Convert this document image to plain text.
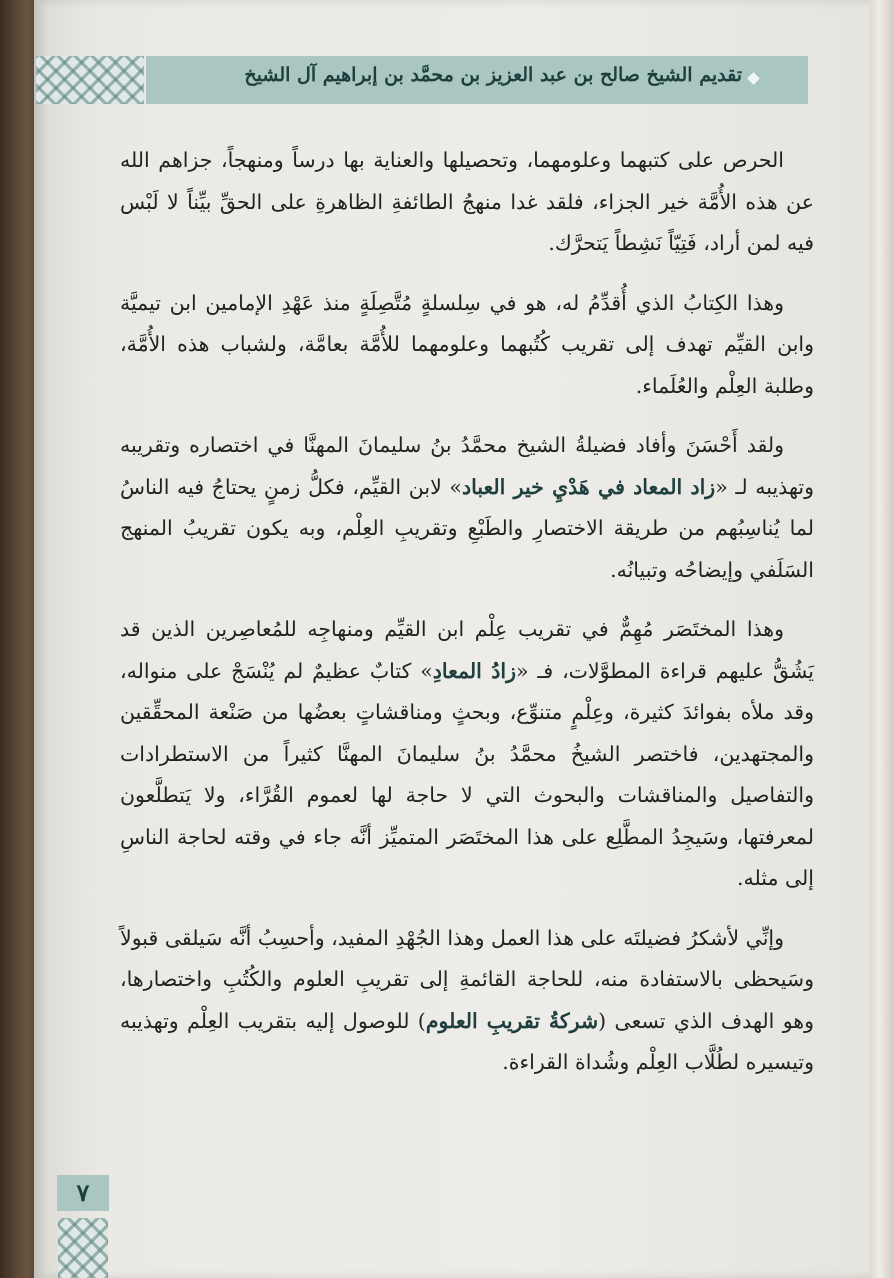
تقديم الشيخ صالح بن عبد العزيز بن محمَّد بن إبراهيم آل الشيخ

الحرص على كتبهما وعلومهما، وتحصيلها والعناية بها درساً ومنهجاً، جزاهم الله عن هذه الأُمَّة خير الجزاء، فلقد غدا منهجُ الطائفةِ الظاهرةِ على الحقِّ بيِّناً لا لَبْس فيه لمن أراد، فَتِيّاً نَشِطاً يَتحرَّك.

وهذا الكِتابُ الذي أُقدِّمُ له، هو في سِلسلةٍ مُتَّصِلَةٍ منذ عَهْدِ الإمامين ابن تيميَّة وابن القيِّم تهدف إلى تقريب كُتُبهما وعلومهما للأُمَّة بعامَّة، ولشباب هذه الأُمَّة، وطلبة العِلْم والعُلَماء.

ولقد أَحْسَنَ وأفاد فضيلةُ الشيخ محمَّدُ بنُ سليمانَ المهنَّا في اختصاره وتقريبه وتهذيبه لـ «زاد المعاد في هَدْيِ خير العباد» لابن القيِّم، فكلُّ زمنٍ يحتاجُ فيه الناسُ لما يُناسِبُهم من طريقة الاختصارِ والطَبْعِ وتقريبِ العِلْم، وبه يكون تقريبُ المنهج السَلَفي وإيضاحُه وتبيانُه.

وهذا المختَصَر مُهِمٌّ في تقريب عِلْم ابن القيِّم ومنهاجِه للمُعاصِرين الذين قد يَشُقُّ عليهم قراءة المطوَّلات، فـ «زادُ المعادِ» كتابٌ عظيمٌ لم يُنْسَجْ على منواله، وقد ملأه بفوائدَ كثيرة، وعِلْمٍ متنوِّع، وبحثٍ ومناقشاتٍ بعضُها من صَنْعة المحقِّقين والمجتهدين، فاختصر الشيخُ محمَّدُ بنُ سليمانَ المهنَّا كثيراً من الاستطرادات والتفاصيل والمناقشات والبحوث التي لا حاجة لها لعموم القُرَّاء، ولا يَتطلَّعون لمعرفتها، وسَيجِدُ المطَّلِع على هذا المختَصَر المتميِّز أنَّه جاء في وقته لحاجة الناسِ إلى مثله.

وإنِّي لأشكرُ فضيلتَه على هذا العمل وهذا الجُهْدِ المفيد، وأحسِبُ أنَّه سَيلقى قبولاً وسَيحظى بالاستفادة منه، للحاجة القائمةِ إلى تقريبِ العلوم والكُتُبِ واختصارها، وهو الهدف الذي تسعى (شركةُ تقريبِ العلوم) للوصول إليه بتقريب العِلْم وتهذيبه وتيسيره لطُلَّاب العِلْم وشُداة القراءة.

٧
